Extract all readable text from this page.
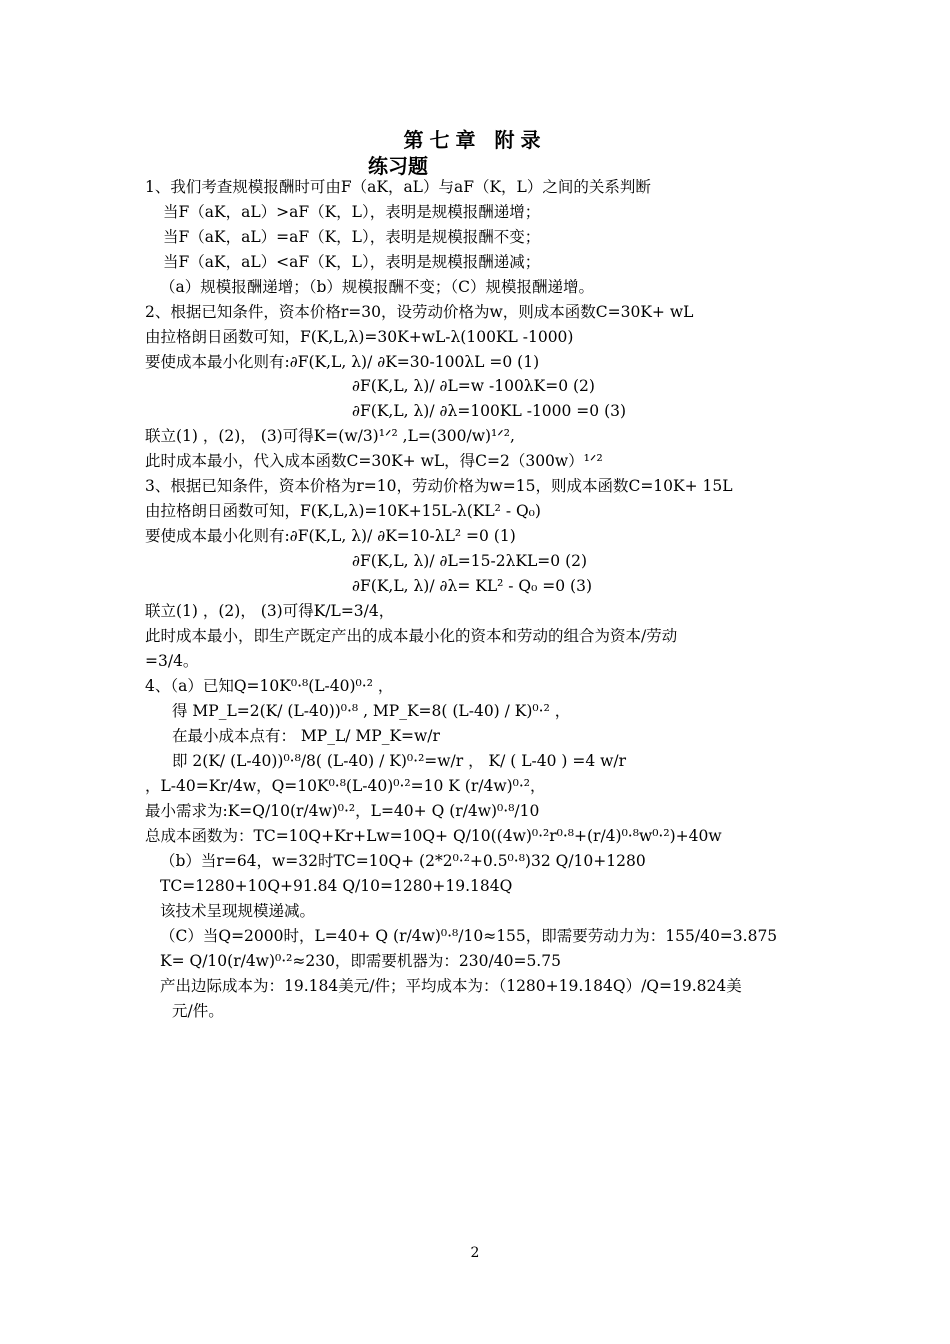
第七章 附录
练习题
1、我们考查规模报酬时可由F（aK，aL）与aF（K，L）之间的关系判断
当F（aK，aL）>aF（K，L），表明是规模报酬递增；
当F（aK，aL）=aF（K，L），表明是规模报酬不变；
当F（aK，aL）<aF（K，L），表明是规模报酬递减；
（a）规模报酬递增；（b）规模报酬不变；（C）规模报酬递增。
2、根据已知条件，资本价格r=30，设劳动价格为w，则成本函数C=30K+ wL
由拉格朗日函数可知，F(K,L,λ)=30K+wL-λ(100KL -1000)
要使成本最小化则有:∂F(K,L, λ)/ ∂K=30-100λL =0 (1)
∂F(K,L, λ)/ ∂L=w -100λK=0 (2)
∂F(K,L, λ)/ ∂λ=100KL -1000 =0 (3)
联立(1) ，(2)， (3)可得K=(w/3)¹ᐟ² ,L=(300/w)¹ᐟ²,
此时成本最小，代入成本函数C=30K+ wL，得C=2（300w）¹ᐟ²
3、根据已知条件，资本价格为r=10，劳动价格为w=15，则成本函数C=10K+ 15L
由拉格朗日函数可知，F(K,L,λ)=10K+15L-λ(KL² - Q₀)
要使成本最小化则有:∂F(K,L, λ)/ ∂K=10-λL² =0 (1)
∂F(K,L, λ)/ ∂L=15-2λKL=0 (2)
∂F(K,L, λ)/ ∂λ= KL² - Q₀ =0 (3)
联立(1) ，(2)， (3)可得K/L=3/4，
此时成本最小，即生产既定产出的成本最小化的资本和劳动的组合为资本/劳动
=3/4。
4、（a）已知Q=10K⁰·⁸(L-40)⁰·² ，
得 MP_L=2(K/ (L-40))⁰·⁸ , MP_K=8( (L-40) / K)⁰·² ，
在最小成本点有： MP_L/ MP_K=w/r
即 2(K/ (L-40))⁰·⁸/8( (L-40) / K)⁰·²=w/r ， K/ ( L-40 ) =4 w/r
，L-40=Kr/4w，Q=10K⁰·⁸(L-40)⁰·²=10 K (r/4w)⁰·²，
最小需求为:K=Q/10(r/4w)⁰·²，L=40+ Q (r/4w)⁰·⁸/10
总成本函数为：TC=10Q+Kr+Lw=10Q+ Q/10((4w)⁰·²r⁰·⁸+(r/4)⁰·⁸w⁰·²)+40w
（b）当r=64，w=32时TC=10Q+ (2*2⁰·²+0.5⁰·⁸)32 Q/10+1280
TC=1280+10Q+91.84 Q/10=1280+19.184Q
该技术呈现规模递减。
（C）当Q=2000时，L=40+ Q (r/4w)⁰·⁸/10≈155，即需要劳动力为：155/40=3.875
K= Q/10(r/4w)⁰·²≈230，即需要机器为：230/40=5.75
产出边际成本为：19.184美元/件；平均成本为：（1280+19.184Q）/Q=19.824美
元/件。
2
